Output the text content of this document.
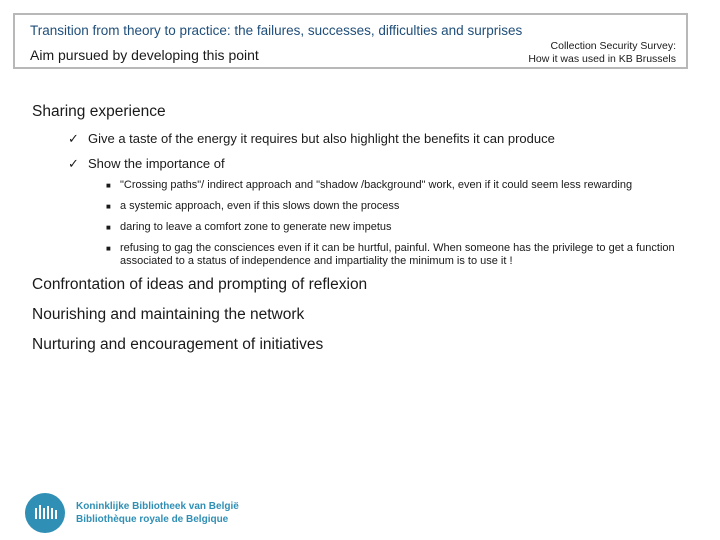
Transition from theory to practice: the failures, successes, difficulties and surprises
Aim pursued by developing this point
Collection Security Survey:
How it was used in KB Brussels

Sharing experience

✓ Give a taste of the energy it requires but also highlight the benefits it can produce
✓ Show the importance of
■ "Crossing paths"/ indirect approach and "shadow /background" work, even if it could seem less rewarding
■ a systemic approach, even if this slows down the process
■ daring to leave a comfort zone to generate new impetus
■ refusing to gag the consciences even if it can be hurtful, painful. When someone has the privilege to get a function associated to a status of independence and impartiality the minimum is to use it !

Confrontation of ideas and prompting of reflexion

Nourishing and maintaining the network

Nurturing and encouragement of initiatives

Koninklijke Bibliotheek van België
Bibliothèque royale de Belgique
